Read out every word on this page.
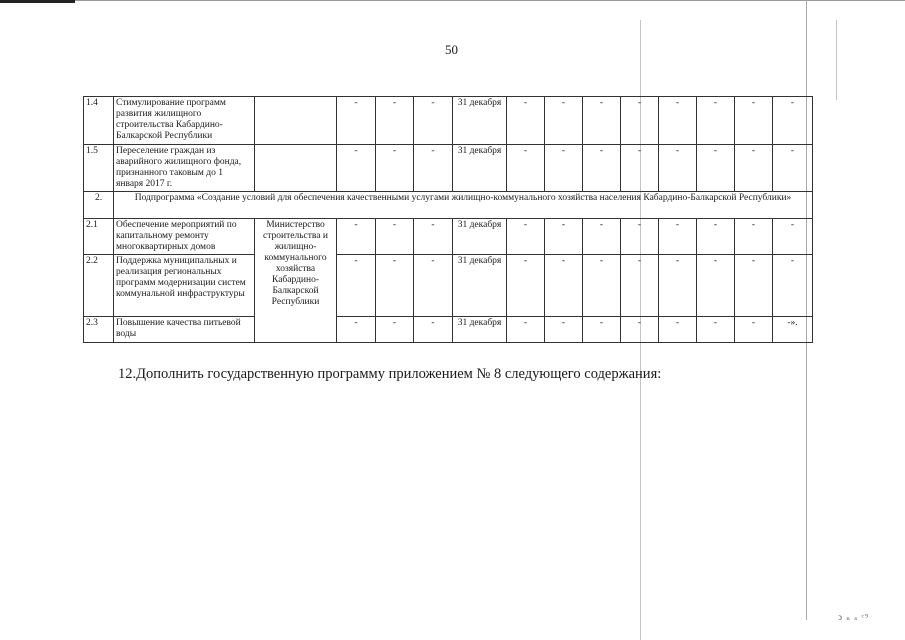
50
1.4	Стимулирование программ развития жилищного строительства Кабардино-Балкарской Республики		-	-	-	31 декабря	-	-	-	-	-	-	-	-
1.5	Переселение граждан из аварийного жилищного фонда, признанного таковым до 1 января 2017 г.		-	-	-	31 декабря	-	-	-	-	-	-	-	-
2.	Подпрограмма «Создание условий для обеспечения качественными услугами жилищно-коммунального хозяйства населения Кабардино-Балкарской Республики»													
2.1	Обеспечение мероприятий по капитальному ремонту многоквартирных домов	Министерство строительства и жилищно-коммунального хозяйства Кабардино-Балкарской Республики	-	-	-	31 декабря	-	-	-	-	-	-	-	-
2.2	Поддержка муниципальных и реализация региональных программ модернизации систем коммунальной инфраструктуры		-	-	-	31 декабря	-	-	-	-	-	-	-	-
2.3	Повышение качества питьевой воды		-	-	-	31 декабря	-	-	-	-	-	-	-	-».
12.Дополнить государственную программу приложением № 8 следующего содержания:
ↄ ₙ ₛ ᶜ⁹
